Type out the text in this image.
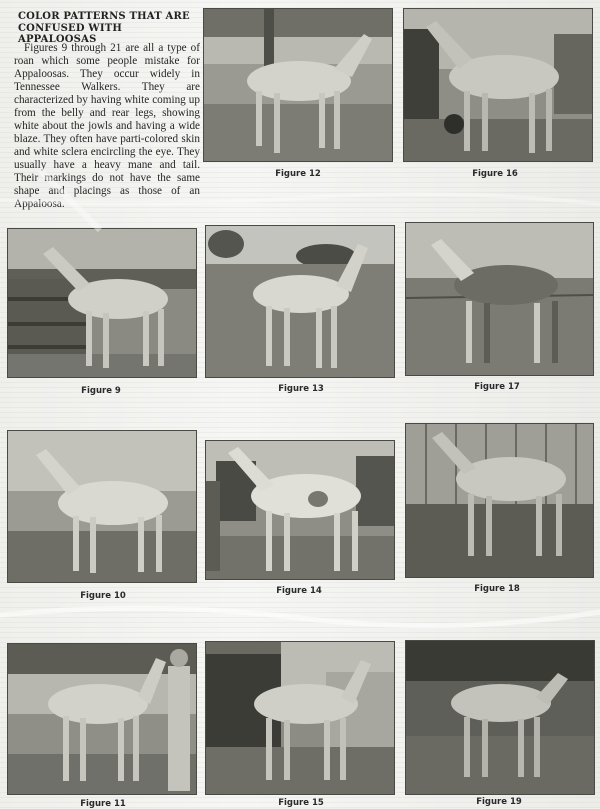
COLOR PATTERNS THAT ARE CONFUSED WITH APPALOOSAS
Figures 9 through 21 are all a type of roan which some people mistake for Appaloosas. They occur widely in Tennessee Walkers. They are characterized by having white coming up from the belly and rear legs, showing white about the jowls and having a wide blaze. They often have parti-colored skin and white sclera encircling the eye. They usually have a heavy mane and tail. Their markings do not have the same shape and placings as those of an Appaloosa.
Figure 12	Figure 16
Figure 9	Figure 13	Figure 17
Figure 10	Figure 14	Figure 18
Figure 11	Figure 15	Figure 19
